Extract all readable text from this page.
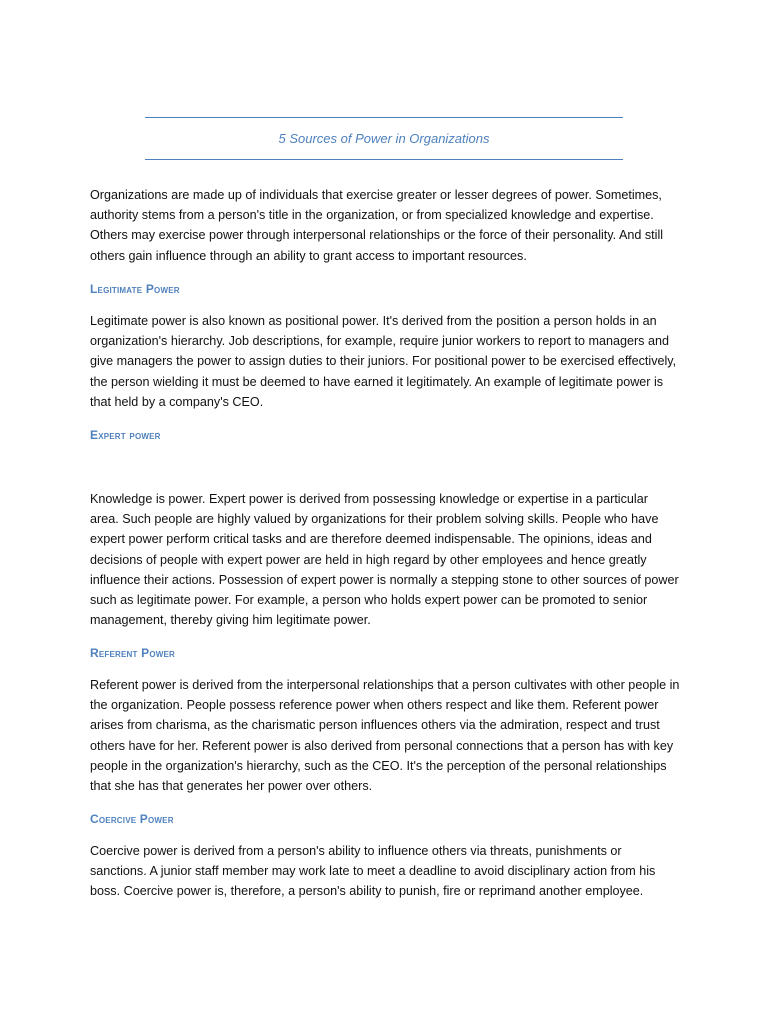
5 Sources of Power in Organizations

Organizations are made up of individuals that exercise greater or lesser degrees of power. Sometimes, authority stems from a person's title in the organization, or from specialized knowledge and expertise. Others may exercise power through interpersonal relationships or the force of their personality. And still others gain influence through an ability to grant access to important resources.

Legitimate Power

Legitimate power is also known as positional power. It's derived from the position a person holds in an organization's hierarchy. Job descriptions, for example, require junior workers to report to managers and give managers the power to assign duties to their juniors. For positional power to be exercised effectively, the person wielding it must be deemed to have earned it legitimately. An example of legitimate power is that held by a company's CEO.

Expert power

Knowledge is power. Expert power is derived from possessing knowledge or expertise in a particular area. Such people are highly valued by organizations for their problem solving skills. People who have expert power perform critical tasks and are therefore deemed indispensable. The opinions, ideas and decisions of people with expert power are held in high regard by other employees and hence greatly influence their actions. Possession of expert power is normally a stepping stone to other sources of power such as legitimate power. For example, a person who holds expert power can be promoted to senior management, thereby giving him legitimate power.

Referent Power

Referent power is derived from the interpersonal relationships that a person cultivates with other people in the organization. People possess reference power when others respect and like them. Referent power arises from charisma, as the charismatic person influences others via the admiration, respect and trust others have for her. Referent power is also derived from personal connections that a person has with key people in the organization's hierarchy, such as the CEO. It's the perception of the personal relationships that she has that generates her power over others.

Coercive Power

Coercive power is derived from a person's ability to influence others via threats, punishments or sanctions. A junior staff member may work late to meet a deadline to avoid disciplinary action from his boss. Coercive power is, therefore, a person's ability to punish, fire or reprimand another employee.
